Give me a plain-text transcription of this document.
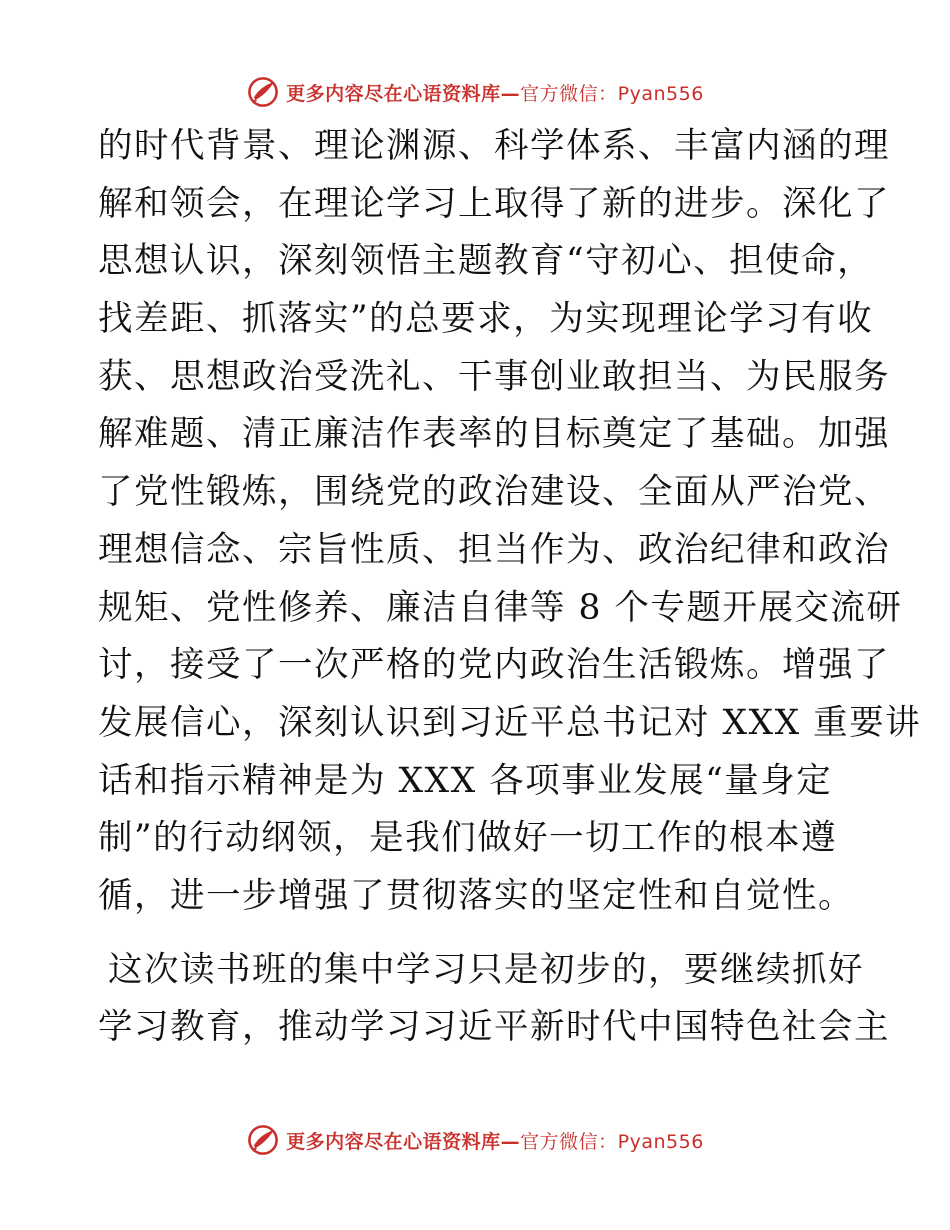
更多内容尽在心语资料库—官方微信：Pyan556
的时代背景、理论渊源、科学体系、丰富内涵的理
解和领会，在理论学习上取得了新的进步。深化了
思想认识，深刻领悟主题教育“守初心、担使命，
找差距、抓落实”的总要求，为实现理论学习有收
获、思想政治受洗礼、干事创业敢担当、为民服务
解难题、清正廉洁作表率的目标奠定了基础。加强
了党性锻炼，围绕党的政治建设、全面从严治党、
理想信念、宗旨性质、担当作为、政治纪律和政治
规矩、党性修养、廉洁自律等 8 个专题开展交流研
讨，接受了一次严格的党内政治生活锻炼。增强了
发展信心，深刻认识到习近平总书记对 XXX 重要讲
话和指示精神是为 XXX 各项事业发展“量身定
制”的行动纲领，是我们做好一切工作的根本遵
循，进一步增强了贯彻落实的坚定性和自觉性。
这次读书班的集中学习只是初步的，要继续抓好
学习教育，推动学习习近平新时代中国特色社会主
更多内容尽在心语资料库—官方微信：Pyan556
